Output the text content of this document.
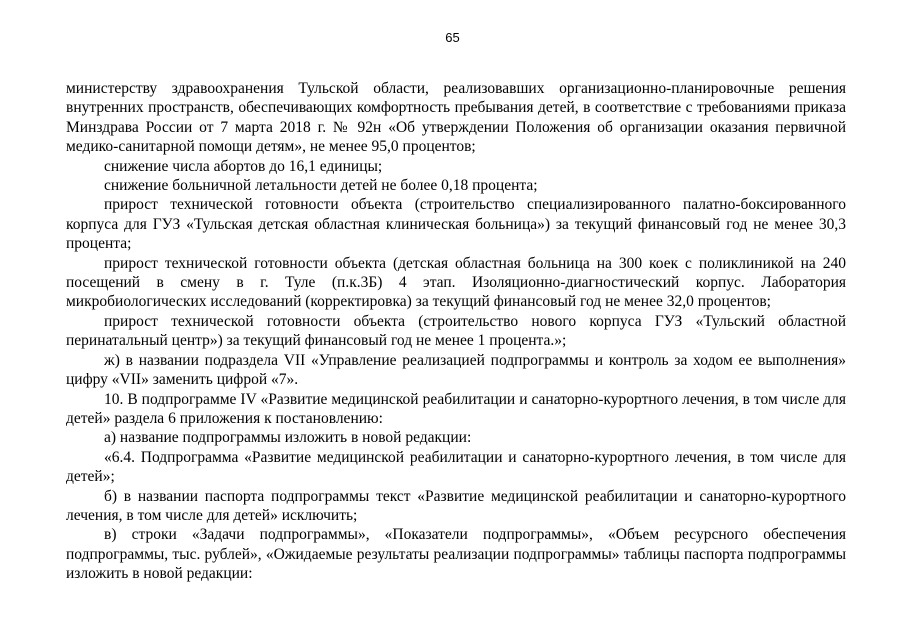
65

министерству здравоохранения Тульской области, реализовавших организационно-планировочные решения внутренних пространств, обеспечивающих комфортность пребывания детей, в соответствие с требованиями приказа Минздрава России от 7 марта 2018 г. № 92н «Об утверждении Положения об организации оказания первичной медико-санитарной помощи детям», не менее 95,0 процентов;

снижение числа абортов до 16,1 единицы;

снижение больничной летальности детей не более 0,18 процента;

прирост технической готовности объекта (строительство специализированного палатно-боксированного корпуса для ГУЗ «Тульская детская областная клиническая больница») за текущий финансовый год не менее 30,3 процента;

прирост технической готовности объекта (детская областная больница на 300 коек с поликлиникой на 240 посещений в смену в г. Туле (п.к.3Б) 4 этап. Изоляционно-диагностический корпус. Лаборатория микробиологических исследований (корректировка) за текущий финансовый год не менее 32,0 процентов;

прирост технической готовности объекта (строительство нового корпуса ГУЗ «Тульский областной перинатальный центр») за текущий финансовый год не менее 1 процента.»;

ж) в названии подраздела VII «Управление реализацией подпрограммы и контроль за ходом ее выполнения» цифру «VII» заменить цифрой «7».

10. В подпрограмме IV «Развитие медицинской реабилитации и санаторно-курортного лечения, в том числе для детей» раздела 6 приложения к постановлению:

а) название подпрограммы изложить в новой редакции:

«6.4. Подпрограмма «Развитие медицинской реабилитации и санаторно-курортного лечения, в том числе для детей»;

б) в названии паспорта подпрограммы текст «Развитие медицинской реабилитации и санаторно-курортного лечения, в том числе для детей» исключить;

в) строки «Задачи подпрограммы», «Показатели подпрограммы», «Объем ресурсного обеспечения подпрограммы, тыс. рублей», «Ожидаемые результаты реализации подпрограммы» таблицы паспорта подпрограммы изложить в новой редакции:
